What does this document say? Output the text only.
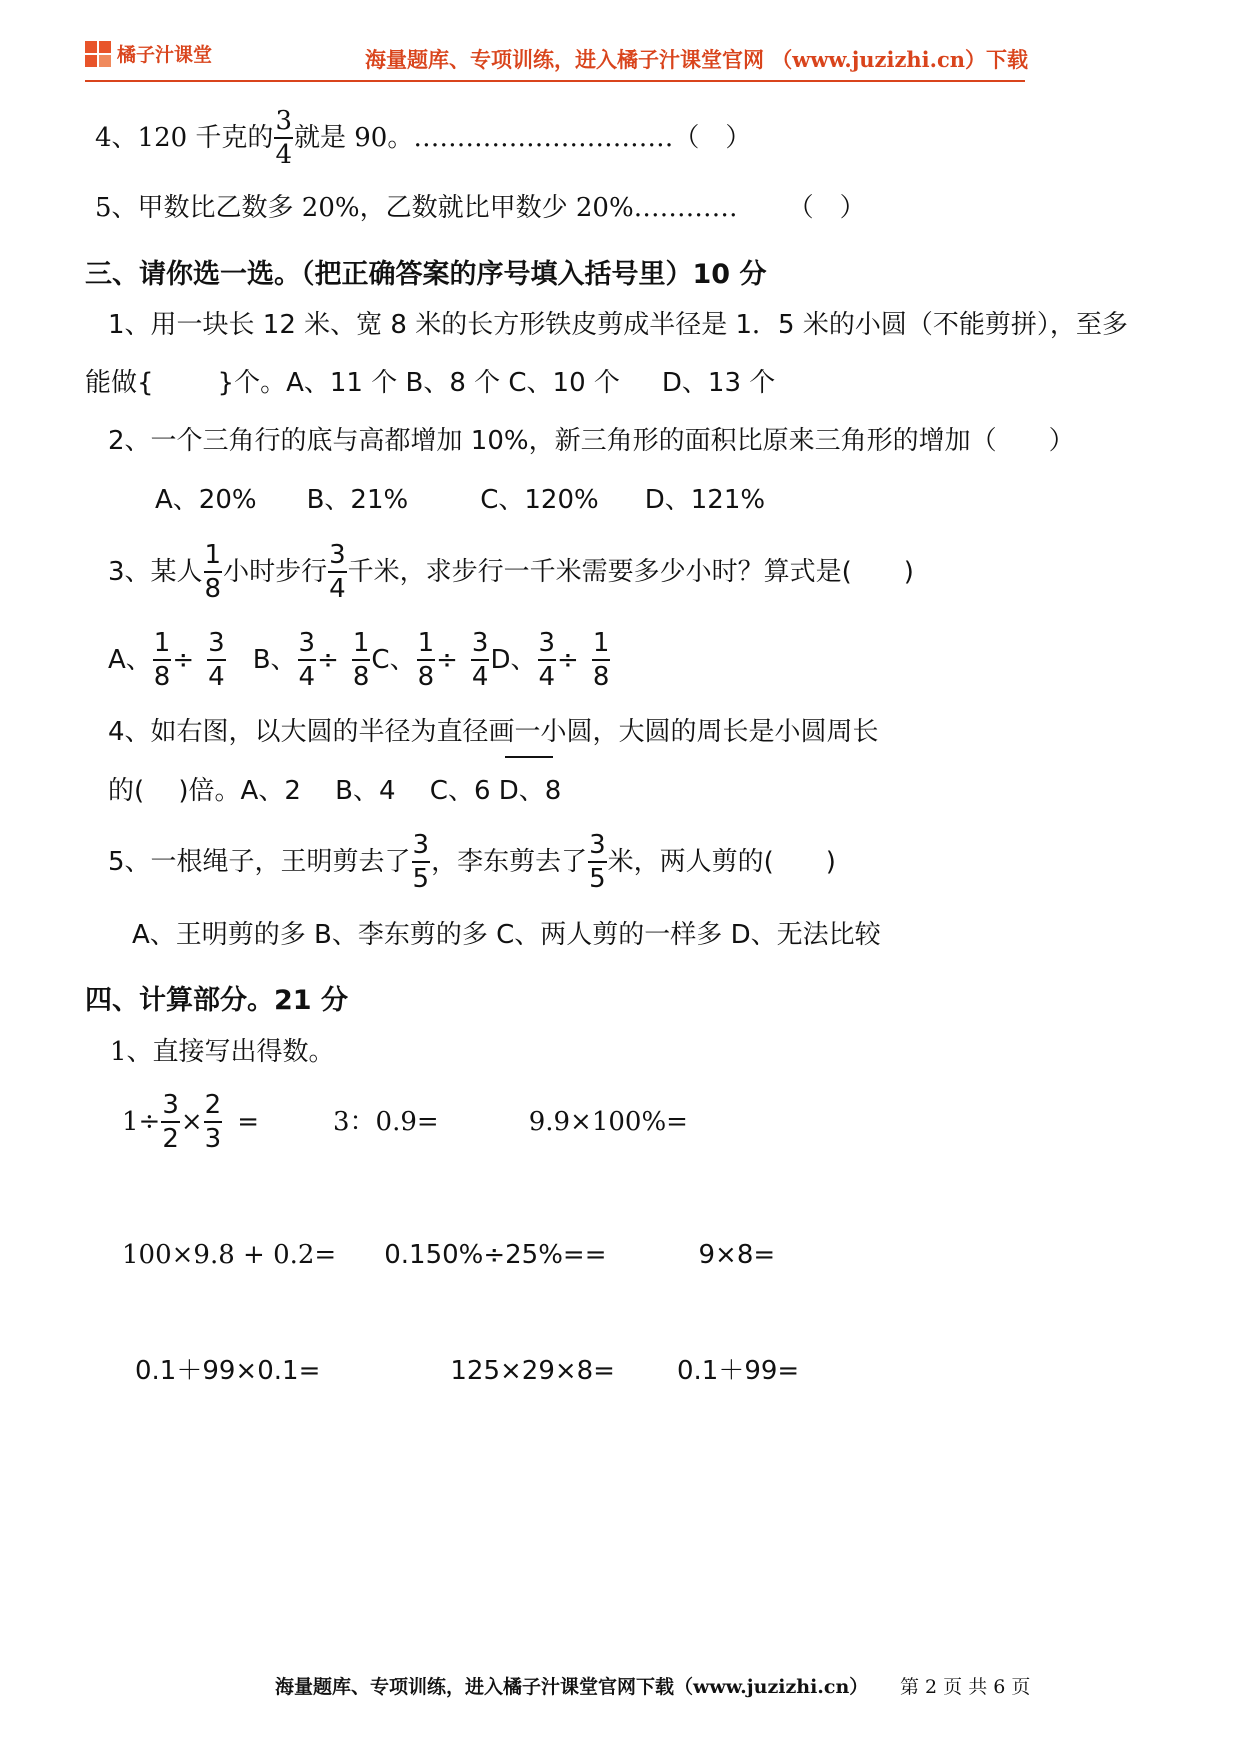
橘子汁课堂	海量题库、专项训练，进入橘子汁课堂官网 （www.juzizhi.cn）下载
4、120 千克的 $\frac{3}{4}$ 就是 90。…………………………（　）
5、甲数比乙数多 20%，乙数就比甲数少 20%………… （　）
三、请你选一选。（把正确答案的序号填入括号里）10 分
1、用一块长 12 米、宽 8 米的长方形铁皮剪成半径是 1．5 米的小圆（不能剪拼），至多
能做{ }个。A、11 个 B、8 个 C、10 个 D、13 个
2、一个三角行的底与高都增加 10%，新三角形的面积比原来三角形的增加（　　）
A、20% B、21%	C、120% D、121%
3、某人 $\frac{1}{8}$ 小时步行 $\frac{3}{4}$ 千米，求步行一千米需要多少小时？算式是(　　)
A、 $\frac{1}{8} \div \frac{3}{4}$ B、 $\frac{3}{4} \div \frac{1}{8}$ C、 $\frac{1}{8} \div \frac{3}{4}$ D、 $\frac{3}{4} \div \frac{1}{8}$
4、如右图，以大圆的半径为直径画一小圆，大圆的周长是小圆周长
的(　 )倍。A、2　 B、4　 C、6 D、8
5、一根绳子，王明剪去了 $\frac{3}{5}$ ，李东剪去了 $\frac{3}{5}$ 米，两人剪的(　　)
A、王明剪的多 B、李东剪的多 C、两人剪的一样多 D、无法比较
四、计算部分。21 分
1、直接写出得数。
$1\div \frac{3}{2} \times \frac{2}{3}$ =	3：0.9=	9.9×100%=
100×9.8 + 0.2= 0.150%÷25%==	9×8=
0.1＋99×0.1=	125×29×8= 0.1＋99=
海量题库、专项训练，进入橘子汁课堂官网下载（www.juzizhi.cn） 第 2 页 共 6 页
